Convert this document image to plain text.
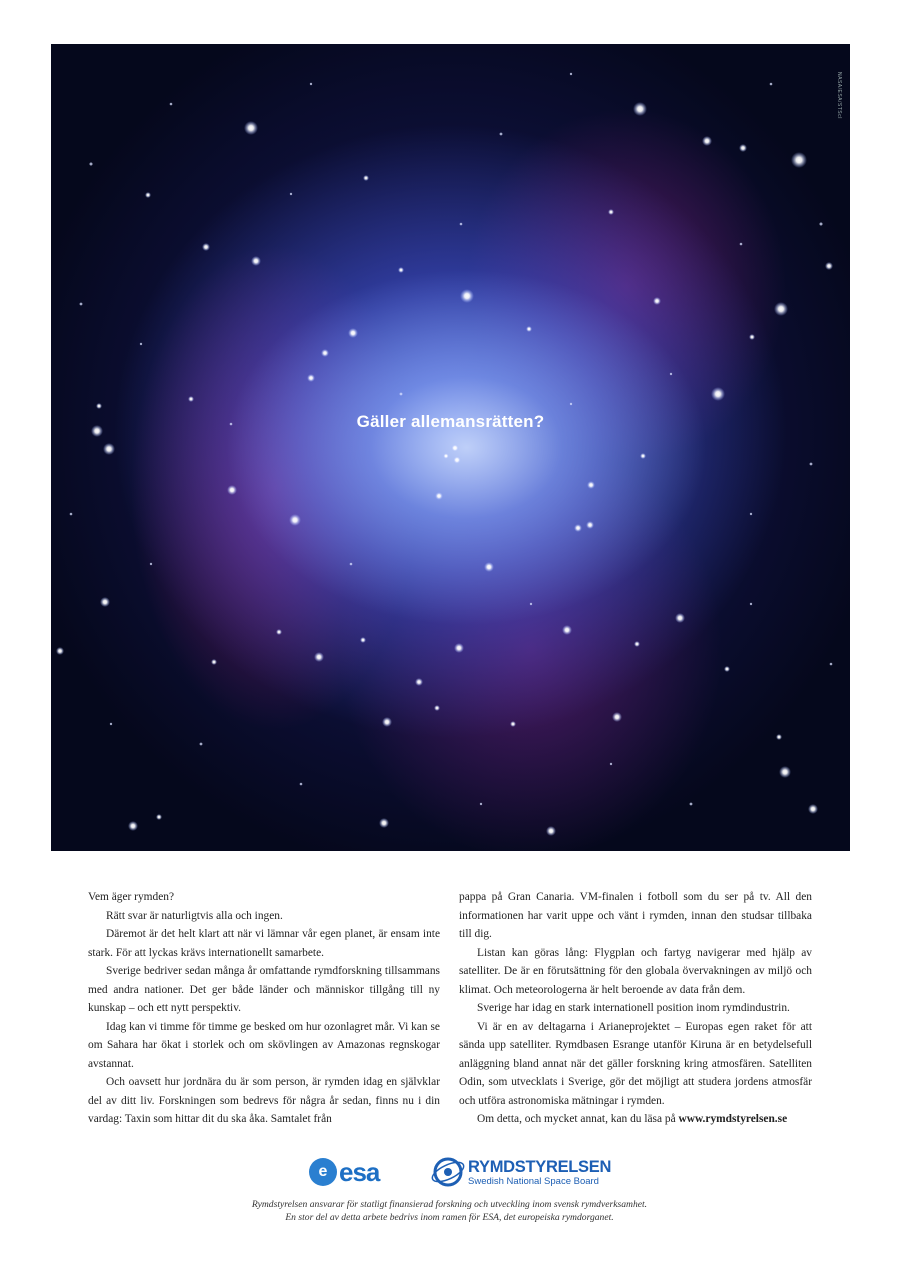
Gäller allemansrätten?
NASA/ESA/STScI

Vem äger rymden?

Rätt svar är naturligtvis alla och ingen.

Däremot är det helt klart att när vi lämnar vår egen planet, är ensam inte stark. För att lyckas krävs internationellt samarbete.

Sverige bedriver sedan många år omfattande rymdforskning tillsammans med andra nationer. Det ger både länder och människor tillgång till ny kunskap – och ett nytt perspektiv.

Idag kan vi timme för timme ge besked om hur ozonlagret mår. Vi kan se om Sahara har ökat i storlek och om skövlingen av Amazonas regnskogar avstannat.

Och oavsett hur jordnära du är som person, är rymden idag en självklar del av ditt liv. Forskningen som bedrevs för några år sedan, finns nu i din vardag: Taxin som hittar dit du ska åka. Samtalet från

pappa på Gran Canaria. VM-finalen i fotboll som du ser på tv. All den informationen har varit uppe och vänt i rymden, innan den studsar tillbaka till dig.

Listan kan göras lång: Flygplan och fartyg navigerar med hjälp av satelliter. De är en förutsättning för den globala övervakningen av miljö och klimat. Och meteorologerna är helt beroende av data från dem.

Sverige har idag en stark internationell position inom rymdindustrin.

Vi är en av deltagarna i Arianeprojektet – Europas egen raket för att sända upp satelliter. Rymdbasen Esrange utanför Kiruna är en betydelsefull anläggning bland annat när det gäller forskning kring atmosfären. Satelliten Odin, som utvecklats i Sverige, gör det möjligt att studera jordens atmosfär och utföra astronomiska mätningar i rymden.

Om detta, och mycket annat, kan du läsa på www.rymdstyrelsen.se

e esa	RYMDSTYRELSEN
Swedish National Space Board
Rymdstyrelsen ansvarar för statligt finansierad forskning och utveckling inom svensk rymdverksamhet.
En stor del av detta arbete bedrivs inom ramen för ESA, det europeiska rymdorganet.
